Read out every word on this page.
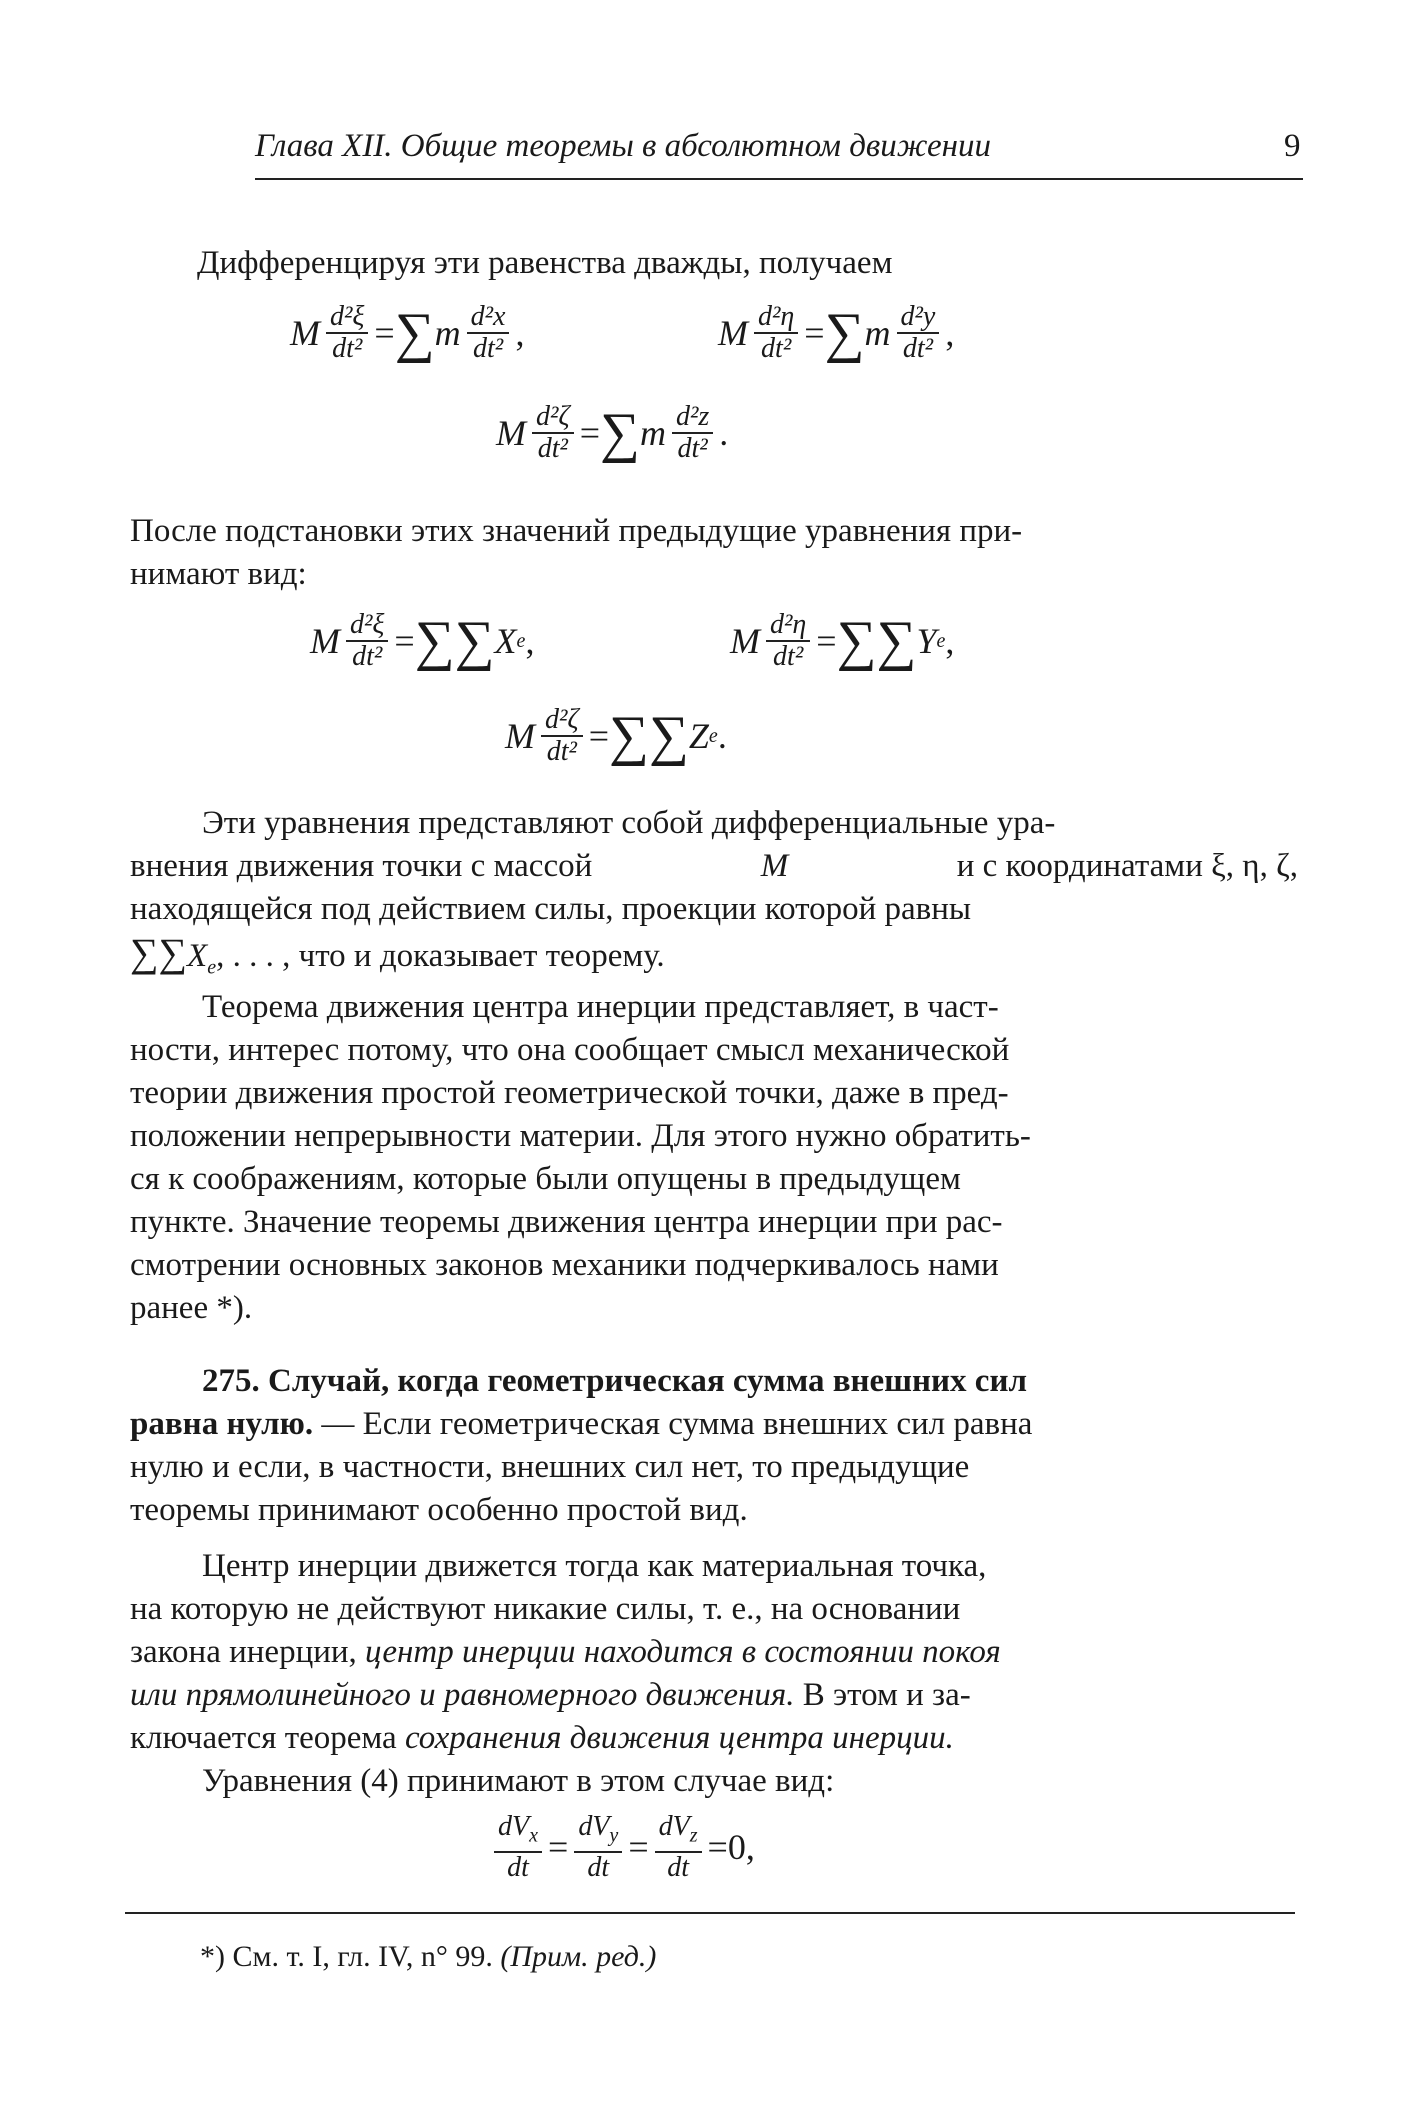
Глава XII. Общие теоремы в абсолютном движении	9
Дифференцируя эти равенства дважды, получаем
M $\frac{\text{d²ξ}}{\text{dt²}}$ = ∑ m $\frac{\text{d²x}}{\text{dt²}}$ ,	M $\frac{\text{d²η}}{\text{dt²}}$ = ∑ m $\frac{\text{d²y}}{\text{dt²}}$ ,
M $\frac{\text{d²ζ}}{\text{dt²}}$ = ∑ m $\frac{\text{d²z}}{\text{dt²}}$ .
После подстановки этих значений предыдущие уравнения при-
нимают вид:
M $\frac{\text{d²ξ}}{\text{dt²}}$ = ∑∑ X e ,	M $\frac{\text{d²η}}{\text{dt²}}$ = ∑∑ Y e ,
M $\frac{\text{d²ζ}}{\text{dt²}}$ = ∑∑ Z e .
Эти уравнения представляют собой дифференциальные ура-
внения движения точки с массой	M	и с координатами ξ, η, ζ,
находящейся под действием силы, проекции которой равны
$\sum\sum X_e$, . . . , что и доказывает теорему.
Теорема движения центра инерции представляет, в част-
ности, интерес потому, что она сообщает смысл механической
теории движения простой геометрической точки, даже в пред-
положении непрерывности материи. Для этого нужно обратить-
ся к соображениям, которые были опущены в предыдущем
пункте. Значение теоремы движения центра инерции при рас-
смотрении основных законов механики подчеркивалось нами
ранее *).
275. Случай, когда геометрическая сумма внешних сил
равна нулю. — Если геометрическая сумма внешних сил равна
нулю и если, в частности, внешних сил нет, то предыдущие
теоремы принимают особенно простой вид.
Центр инерции движется тогда как материальная точка,
на которую не действуют никакие силы, т. е., на основании
закона инерции, центр инерции находится в состоянии покоя
или прямолинейного и равномерного движения. В этом и за-
ключается теорема сохранения движения центра инерции.
Уравнения (4) принимают в этом случае вид:
$\frac{dV_x}{dt} = \frac{dV_y}{dt} = \frac{dV_z}{dt} = 0$ ,
*) См. т. I, гл. IV, n° 99. (Прим. ред.)
